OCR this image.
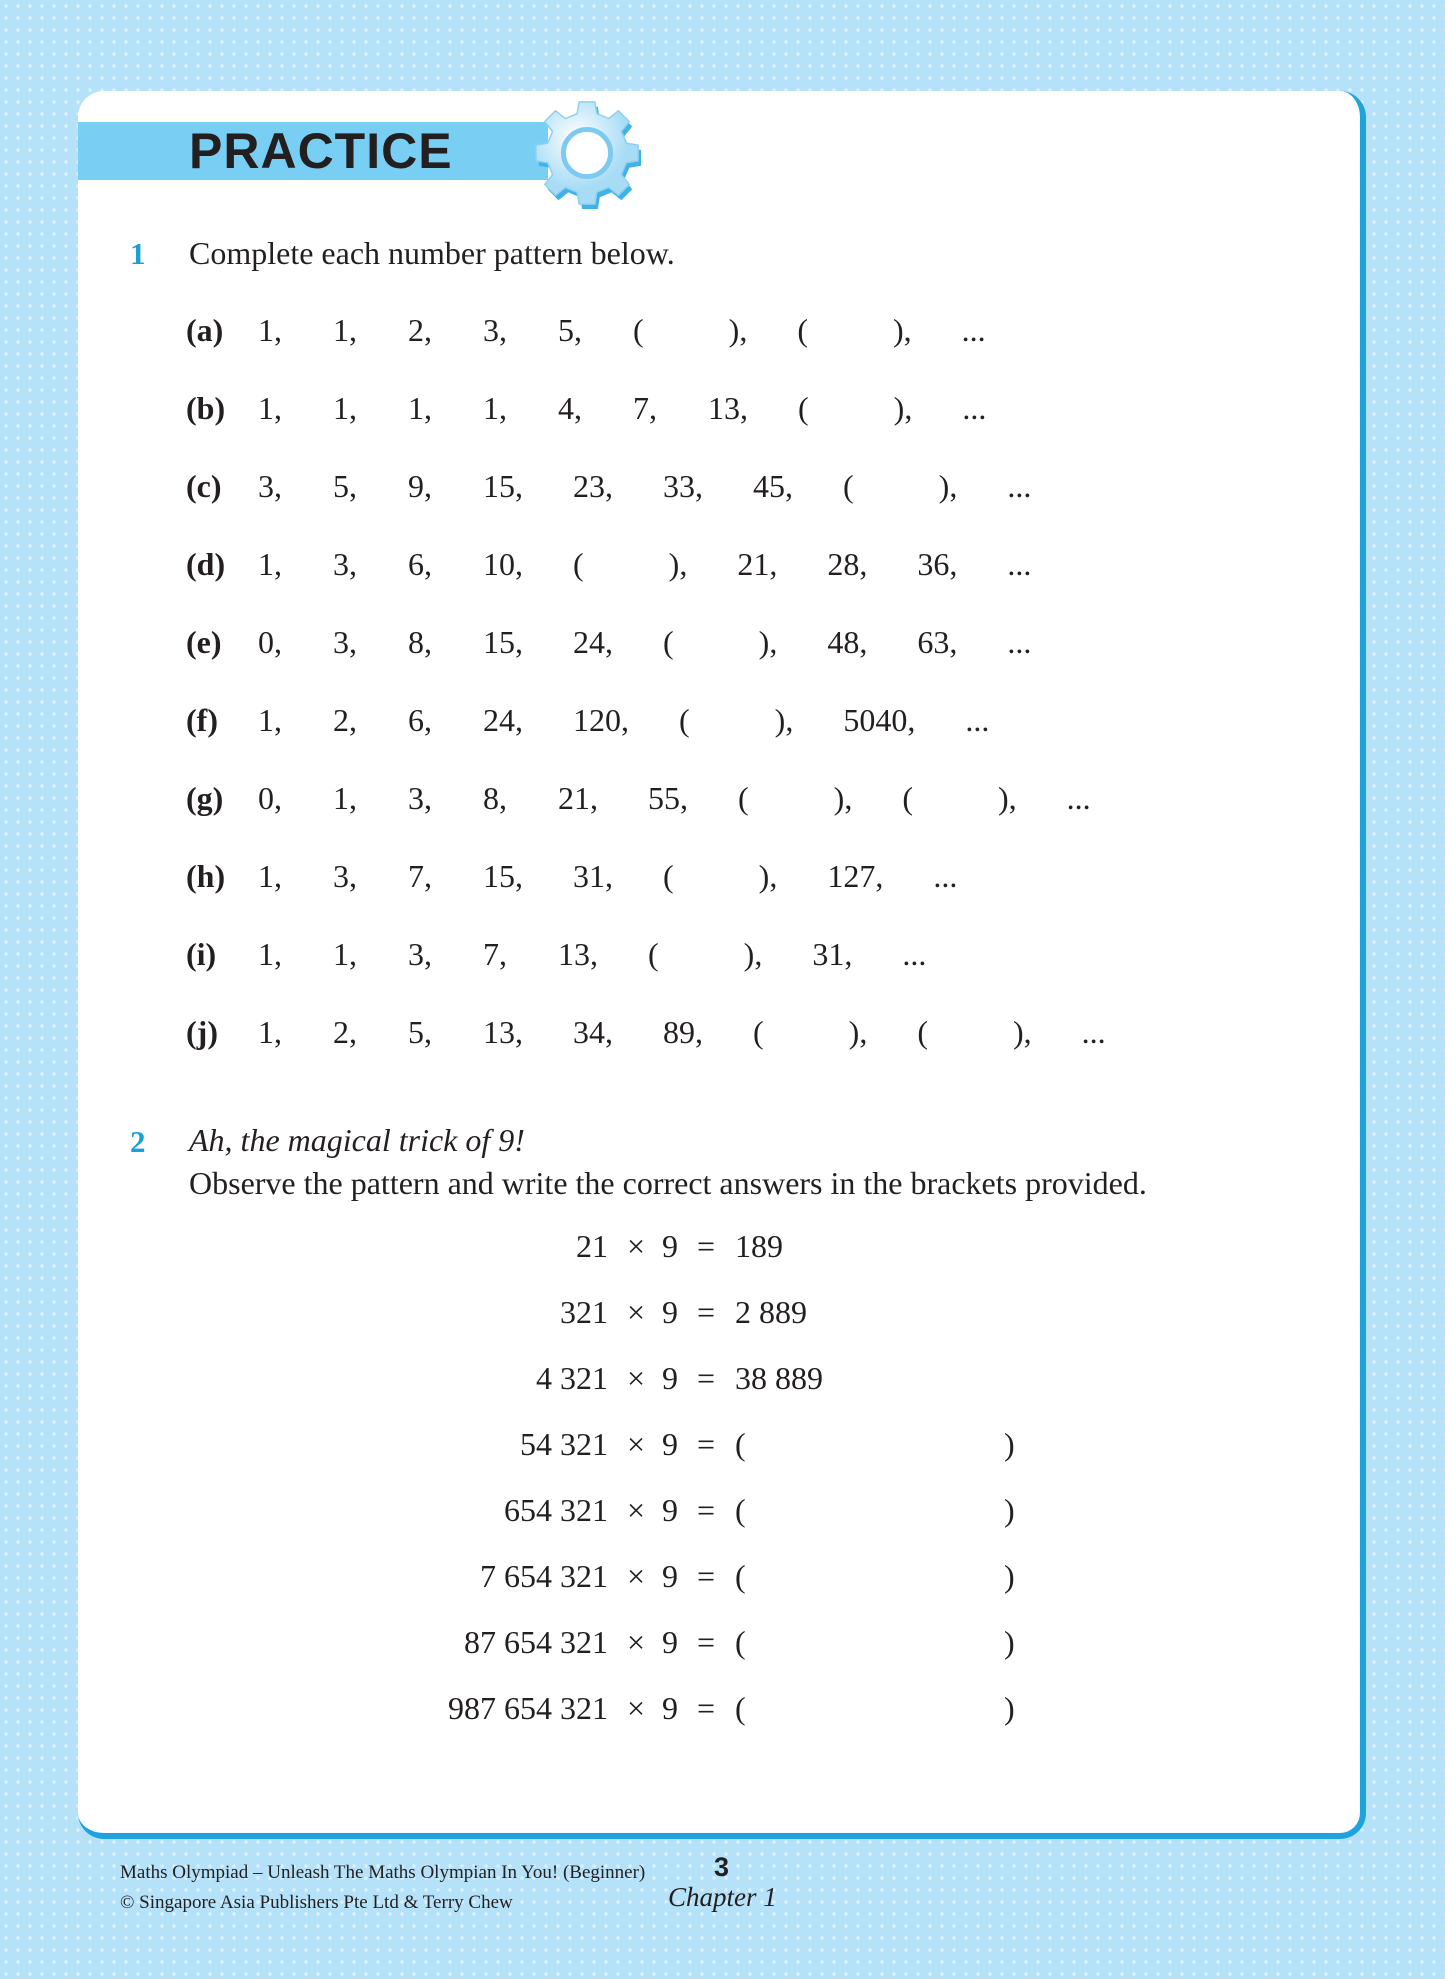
PRACTICE
1 Complete each number pattern below.
(a)	1, 1, 2, 3, 5, (	), (	), ...
(b)	1, 1, 1, 1, 4, 7, 13, (	), ...
(c)	3, 5, 9, 15, 23, 33, 45, (	), ...
(d)	1, 3, 6, 10, (	), 21, 28, 36, ...
(e)	0, 3, 8, 15, 24, (	), 48, 63, ...
(f)	1, 2, 6, 24, 120, (	), 5040, ...
(g)	0, 1, 3, 8, 21, 55, (	), (	), ...
(h)	1, 3, 7, 15, 31, (	), 127, ...
(i)	1, 1, 3, 7, 13, (	), 31, ...
(j)	1, 2, 5, 13, 34, 89, (	), (	), ...
2 Ah, the magical trick of 9!
Observe the pattern and write the correct answers in the brackets provided.
21 × 9 = 189
321 × 9 = 2 889
4 321 × 9 = 38 889
54 321 × 9 = (	)
654 321 × 9 = (	)
7 654 321 × 9 = (	)
87 654 321 × 9 = (	)
987 654 321 × 9 = (	)
Maths Olympiad – Unleash The Maths Olympian In You! (Beginner)
© Singapore Asia Publishers Pte Ltd & Terry Chew
3
Chapter 1
